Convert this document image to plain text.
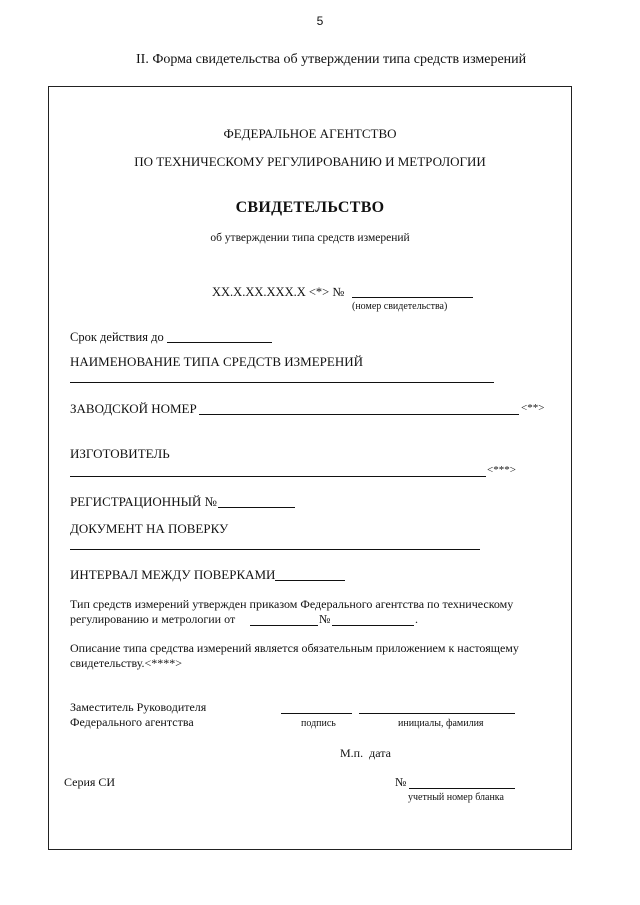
5
II. Форма свидетельства об утверждении типа средств измерений
ФЕДЕРАЛЬНОЕ АГЕНТСТВО
ПО ТЕХНИЧЕСКОМУ РЕГУЛИРОВАНИЮ И МЕТРОЛОГИИ
СВИДЕТЕЛЬСТВО
об утверждении типа средств измерений
XX.X.XX.XXX.X <*> №
(номер свидетельства)
Срок действия до
НАИМЕНОВАНИЕ ТИПА СРЕДСТВ ИЗМЕРЕНИЙ
ЗАВОДСКОЙ НОМЕР	<**>
ИЗГОТОВИТЕЛЬ
<***>
РЕГИСТРАЦИОННЫЙ №
ДОКУМЕНТ НА ПОВЕРКУ
ИНТЕРВАЛ МЕЖДУ ПОВЕРКАМИ
Тип средств измерений утвержден приказом Федерального агентства по техническому
регулированию и метрологии от	№	.
Описание типа средства измерений является обязательным приложением к настоящему
свидетельству.<****>
Заместитель Руководителя
Федерального агентства	подпись	инициалы, фамилия
М.п.  дата
Серия СИ	№
учетный номер бланка
